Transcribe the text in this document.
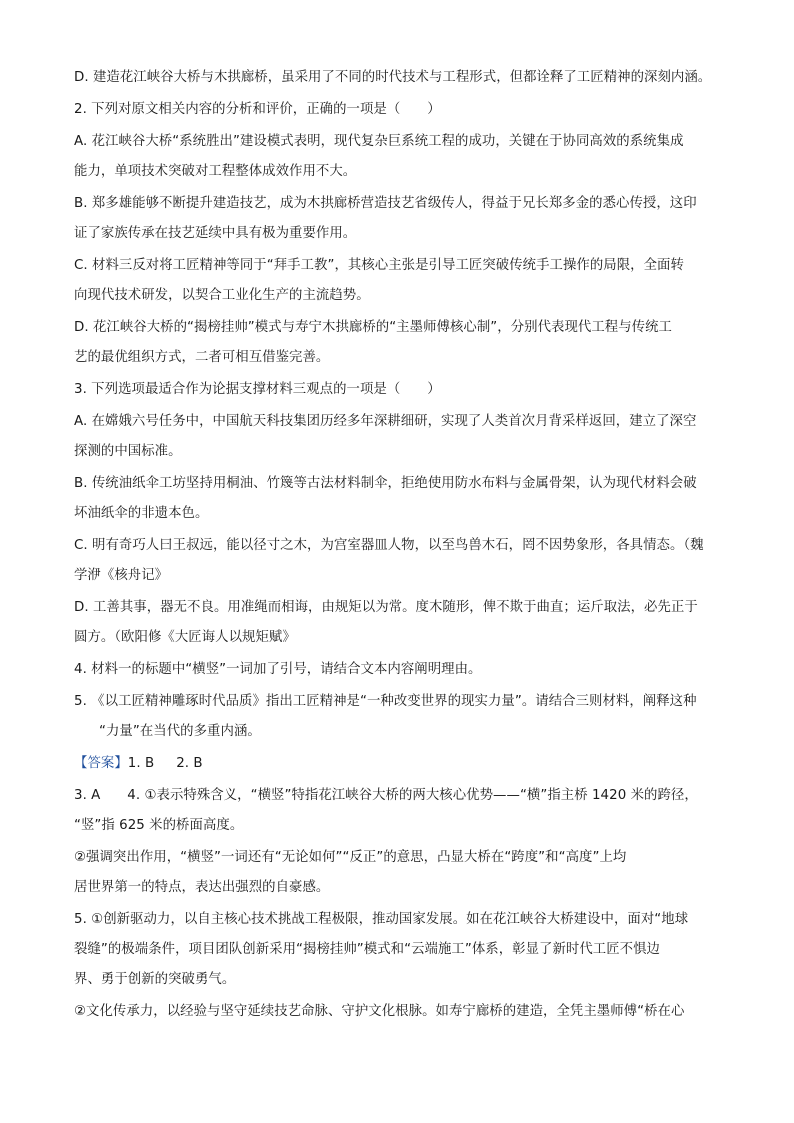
D. 建造花江峡谷大桥与木拱廊桥，虽采用了不同的时代技术与工程形式，但都诠释了工匠精神的深刻内涵。
2. 下列对原文相关内容的分析和评价，正确的一项是（　　）
A. 花江峡谷大桥“系统胜出”建设模式表明，现代复杂巨系统工程的成功，关键在于协同高效的系统集成
能力，单项技术突破对工程整体成效作用不大。
B. 郑多雄能够不断提升建造技艺，成为木拱廊桥营造技艺省级传人，得益于兄长郑多金的悉心传授，这印
证了家族传承在技艺延续中具有极为重要作用。
C. 材料三反对将工匠精神等同于“拜手工教”，其核心主张是引导工匠突破传统手工操作的局限，全面转
向现代技术研发，以契合工业化生产的主流趋势。
D. 花江峡谷大桥的“揭榜挂帅”模式与寿宁木拱廊桥的“主墨师傅核心制”，分别代表现代工程与传统工
艺的最优组织方式，二者可相互借鉴完善。
3. 下列选项最适合作为论据支撑材料三观点的一项是（　　）
A. 在嫦娥六号任务中，中国航天科技集团历经多年深耕细研，实现了人类首次月背采样返回，建立了深空
探测的中国标准。
B. 传统油纸伞工坊坚持用桐油、竹篾等古法材料制伞，拒绝使用防水布料与金属骨架，认为现代材料会破
坏油纸伞的非遗本色。
C. 明有奇巧人曰王叔远，能以径寸之木，为宫室器皿人物，以至鸟兽木石，罔不因势象形，各具情态。（魏
学洢《核舟记》
D. 工善其事，器无不良。用准绳而相诲，由规矩以为常。度木随形，俾不欺于曲直；运斤取法，必先正于
圆方。（欧阳修《大匠诲人以规矩赋》
4. 材料一的标题中“横竖”一词加了引号，请结合文本内容阐明理由。
5. 《以工匠精神雕琢时代品质》指出工匠精神是“一种改变世界的现实力量”。请结合三则材料，阐释这种
“力量”在当代的多重内涵。
【答案】1. B 2. B
3. A　　4. ①表示特殊含义，“横竖”特指花江峡谷大桥的两大核心优势——“横”指主桥 1420 米的跨径，
“竖”指 625 米的桥面高度。
②强调突出作用，“横竖”一词还有“无论如何”“反正”的意思，凸显大桥在“跨度”和“高度”上均
居世界第一的特点，表达出强烈的自豪感。
5. ①创新驱动力，以自主核心技术挑战工程极限，推动国家发展。如在花江峡谷大桥建设中，面对“地球
裂缝”的极端条件，项目团队创新采用“揭榜挂帅”模式和“云端施工”体系，彰显了新时代工匠不惧边
界、勇于创新的突破勇气。
②文化传承力，以经验与坚守延续技艺命脉、守护文化根脉。如寿宁廊桥的建造，全凭主墨师傅“桥在心
